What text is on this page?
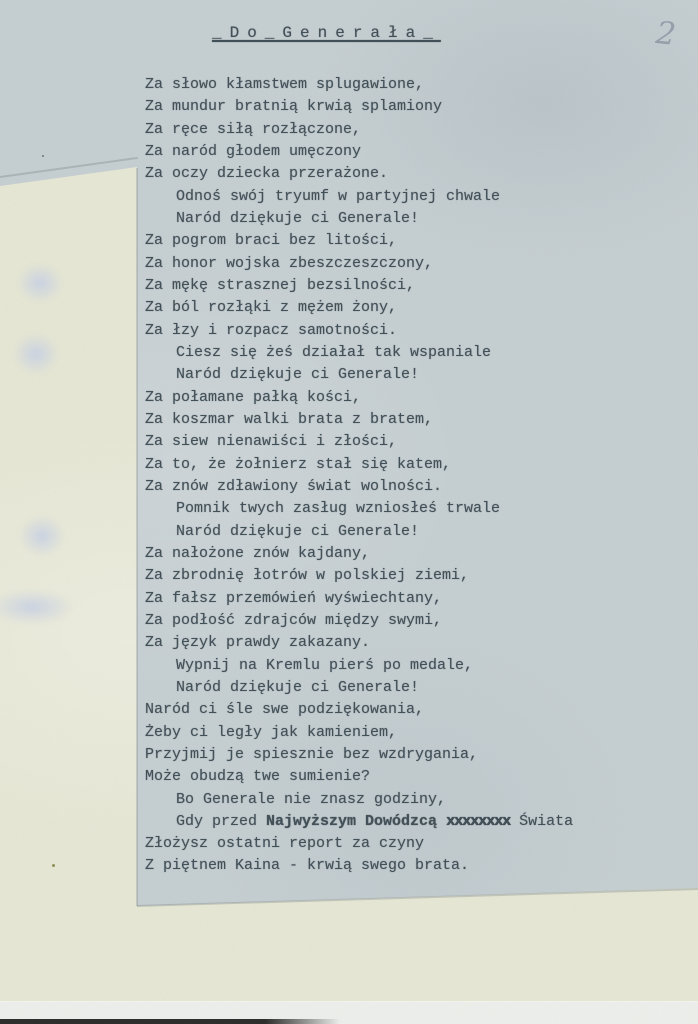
2
_Do_Generała_
Za słowo kłamstwem splugawione,
Za mundur bratnią krwią splamiony
Za ręce siłą rozłączone,
Za naród głodem umęczony
Za oczy dziecka przerażone.
Odnoś swój tryumf w partyjnej chwale
Naród dziękuje ci Generale!
Za pogrom braci bez litości,
Za honor wojska zbeszczeszczony,
Za mękę strasznej bezsilności,
Za ból rozłąki z mężem żony,
Za łzy i rozpacz samotności.
Ciesz się żeś działał tak wspaniale
Naród dziękuje ci Generale!
Za połamane pałką kości,
Za koszmar walki brata z bratem,
Za siew nienawiści i złości,
Za to, że żołnierz stał się katem,
Za znów zdławiony świat wolności.
Pomnik twych zasług wzniosłeś trwale
Naród dziękuje ci Generale!
Za nałożone znów kajdany,
Za zbrodnię łotrów w polskiej ziemi,
Za fałsz przemówień wyświechtany,
Za podłość zdrajców między swymi,
Za język prawdy zakazany.
Wypnij na Kremlu pierś po medale,
Naród dziękuje ci Generale!
Naród ci śle swe podziękowania,
Żeby ci legły jak kamieniem,
Przyjmij je spiesznie bez wzdrygania,
Może obudzą twe sumienie?
Bo Generale nie znasz godziny,
Gdy przed Najwyższym Dowódzcą xxxxxxxx Świata
Złożysz ostatni report za czyny
Z piętnem Kaina - krwią swego brata.
